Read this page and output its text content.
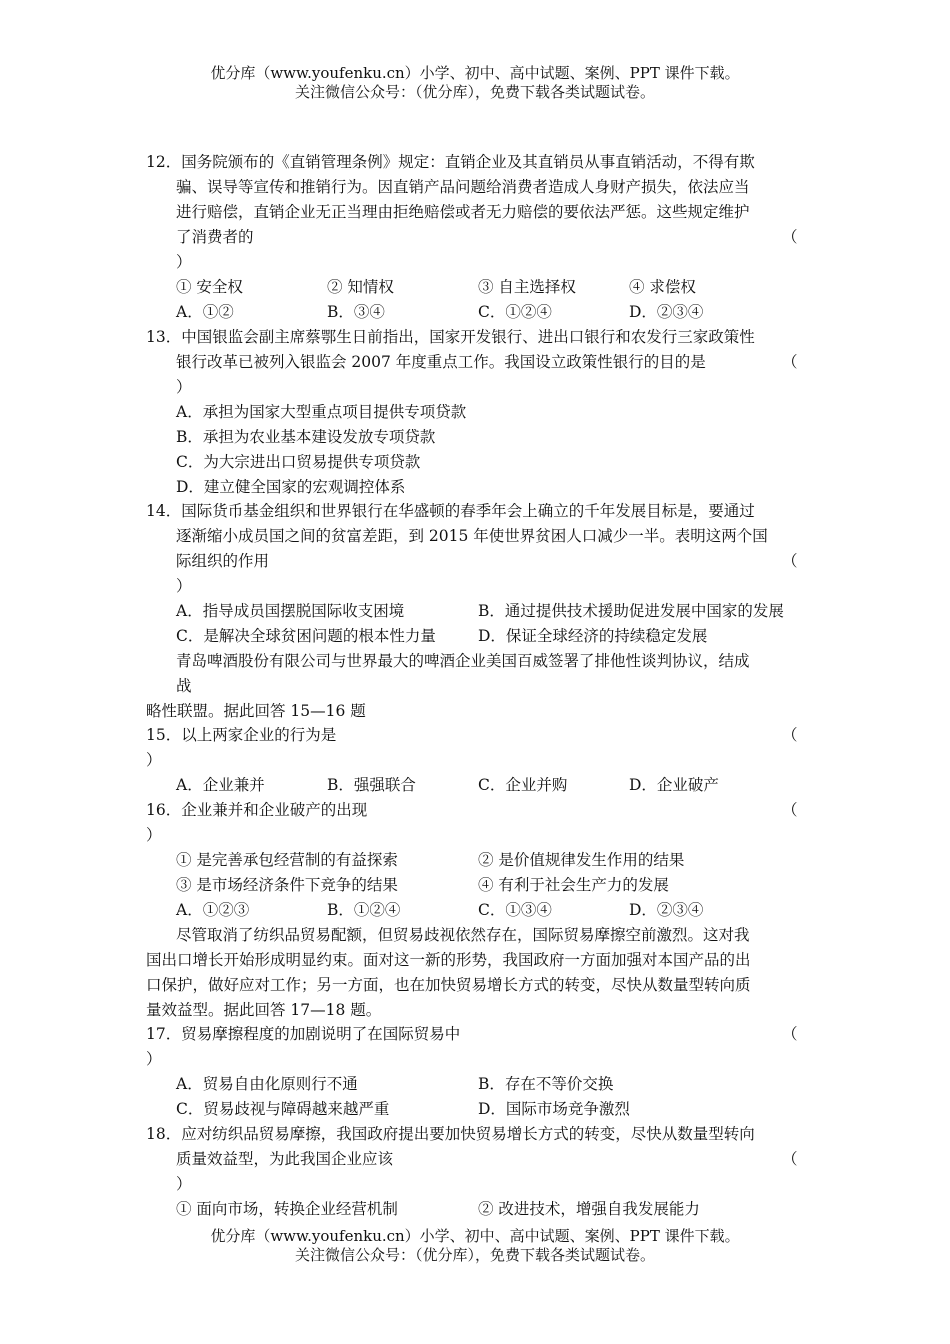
优分库（www.youfenku.cn）小学、初中、高中试题、案例、PPT 课件下载。
关注微信公众号：（优分库），免费下载各类试题试卷。
12．国务院颁布的《直销管理条例》规定：直销企业及其直销员从事直销活动，不得有欺
骗、误导等宣传和推销行为。因直销产品问题给消费者造成人身财产损失，依法应当
进行赔偿，直销企业无正当理由拒绝赔偿或者无力赔偿的要依法严惩。这些规定维护
了消费者的	（
）
① 安全权	② 知情权	③ 自主选择权	④ 求偿权
A．①②	B．③④	C．①②④	D．②③④
13．中国银监会副主席蔡鄂生日前指出，国家开发银行、进出口银行和农发行三家政策性
银行改革已被列入银监会 2007 年度重点工作。我国设立政策性银行的目的是	（
）
A．承担为国家大型重点项目提供专项贷款
B．承担为农业基本建设发放专项贷款
C．为大宗进出口贸易提供专项贷款
D．建立健全国家的宏观调控体系
14．国际货币基金组织和世界银行在华盛顿的春季年会上确立的千年发展目标是，要通过
逐渐缩小成员国之间的贫富差距，到 2015 年使世界贫困人口减少一半。表明这两个国
际组织的作用	（
）
A．指导成员国摆脱国际收支困境	B．通过提供技术援助促进发展中国家的发展
C．是解决全球贫困问题的根本性力量	D．保证全球经济的持续稳定发展
青岛啤酒股份有限公司与世界最大的啤酒企业美国百威签署了排他性谈判协议，结成
战
略性联盟。据此回答 15—16 题
15．以上两家企业的行为是	（
）
A．企业兼并	B．强强联合	C．企业并购	D．企业破产
16．企业兼并和企业破产的出现	（
）
① 是完善承包经营制的有益探索	② 是价值规律发生作用的结果
③ 是市场经济条件下竞争的结果	④ 有利于社会生产力的发展
A．①②③	B．①②④	C．①③④	D．②③④
尽管取消了纺织品贸易配额，但贸易歧视依然存在，国际贸易摩擦空前激烈。这对我
国出口增长开始形成明显约束。面对这一新的形势，我国政府一方面加强对本国产品的出
口保护，做好应对工作；另一方面，也在加快贸易增长方式的转变，尽快从数量型转向质
量效益型。据此回答 17—18 题。
17．贸易摩擦程度的加剧说明了在国际贸易中	（
）
A．贸易自由化原则行不通	B．存在不等价交换
C．贸易歧视与障碍越来越严重	D．国际市场竞争激烈
18．应对纺织品贸易摩擦，我国政府提出要加快贸易增长方式的转变，尽快从数量型转向
质量效益型，为此我国企业应该	（
）
① 面向市场，转换企业经营机制	② 改进技术，增强自我发展能力
优分库（www.youfenku.cn）小学、初中、高中试题、案例、PPT 课件下载。
关注微信公众号：（优分库），免费下载各类试题试卷。
